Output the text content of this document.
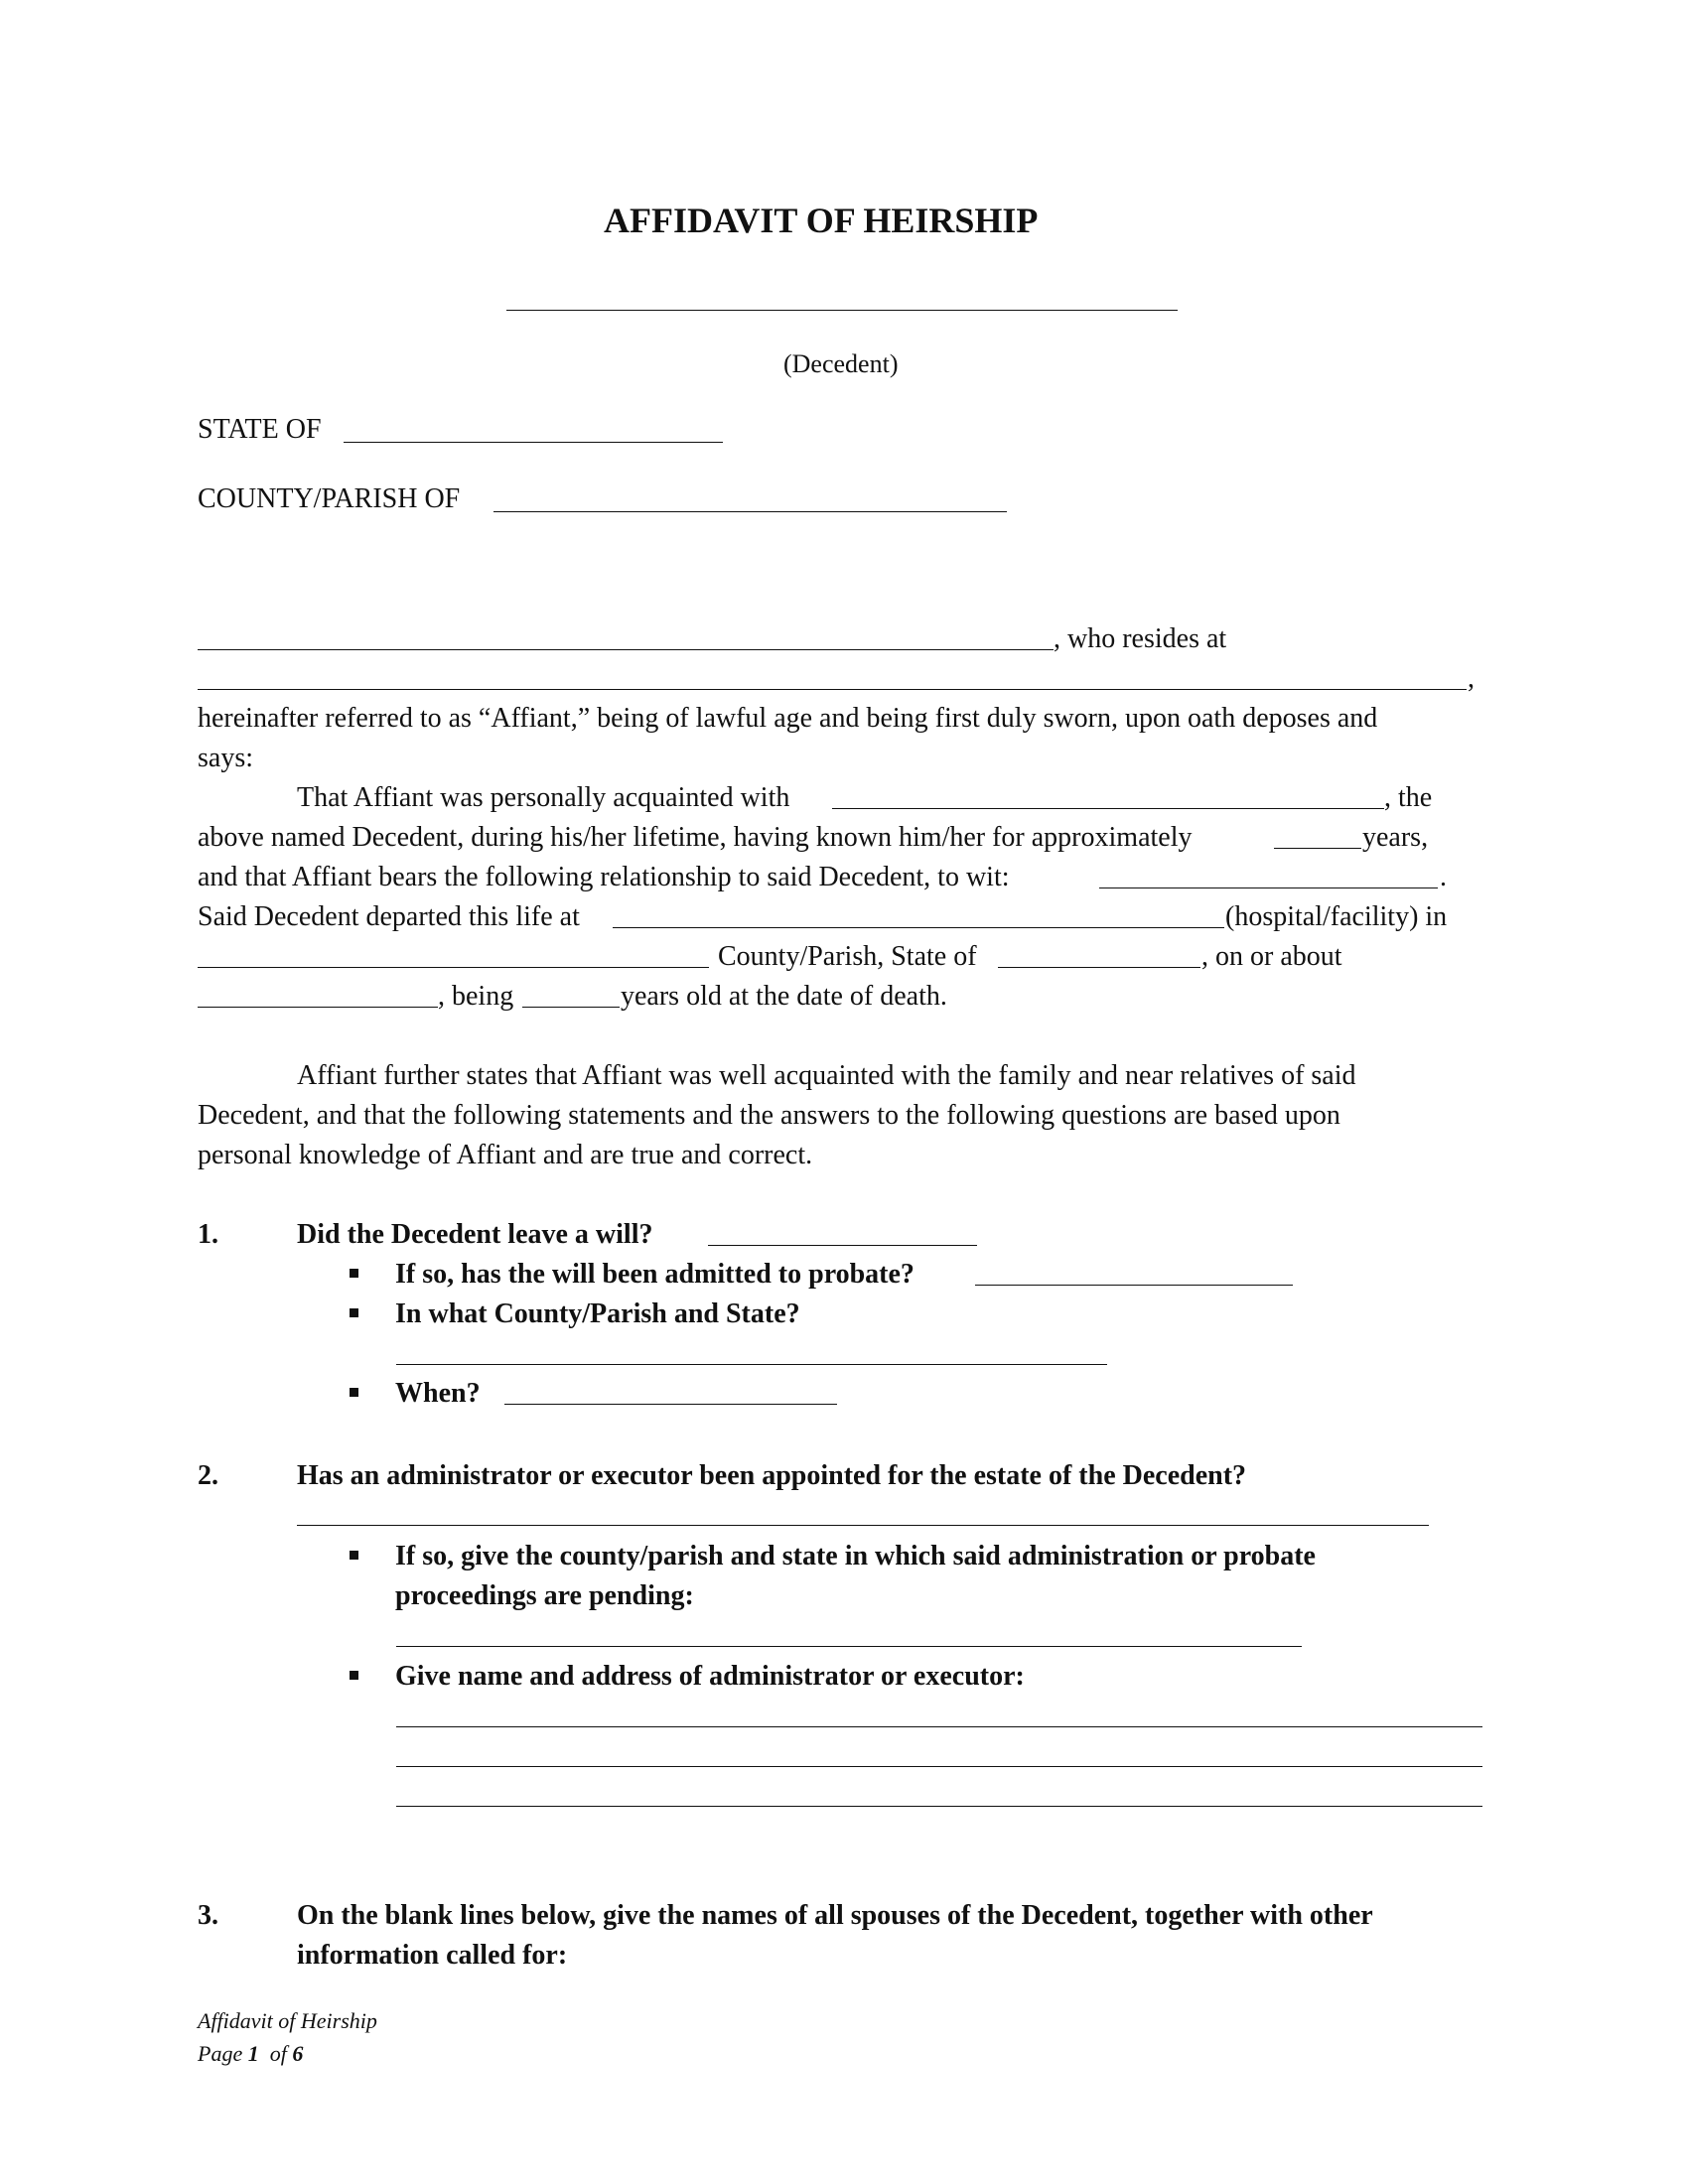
AFFIDAVIT OF HEIRSHIP
(Decedent)
STATE OF
COUNTY/PARISH OF
, who resides at
,
hereinafter referred to as “Affiant,” being of lawful age and being first duly sworn, upon oath deposes and
says:
That Affiant was personally acquainted with	, the
above named Decedent, during his/her lifetime, having known him/her for approximately	years,
and that Affiant bears the following relationship to said Decedent, to wit:	.
Said Decedent departed this life at	(hospital/facility) in
County/Parish, State of	, on or about
, being	years old at the date of death.
Affiant further states that Affiant was well acquainted with the family and near relatives of said
Decedent, and that the following statements and the answers to the following questions are based upon
personal knowledge of Affiant and are true and correct.
1.	Did the Decedent leave a will?
If so, has the will been admitted to probate?
In what County/Parish and State?
When?
2.	Has an administrator or executor been appointed for the estate of the Decedent?
If so, give the county/parish and state in which said administration or probate
proceedings are pending:
Give name and address of administrator or executor:
3.	On the blank lines below, give the names of all spouses of the Decedent, together with other
information called for:
Affidavit of Heirship
Page 1 of 6
